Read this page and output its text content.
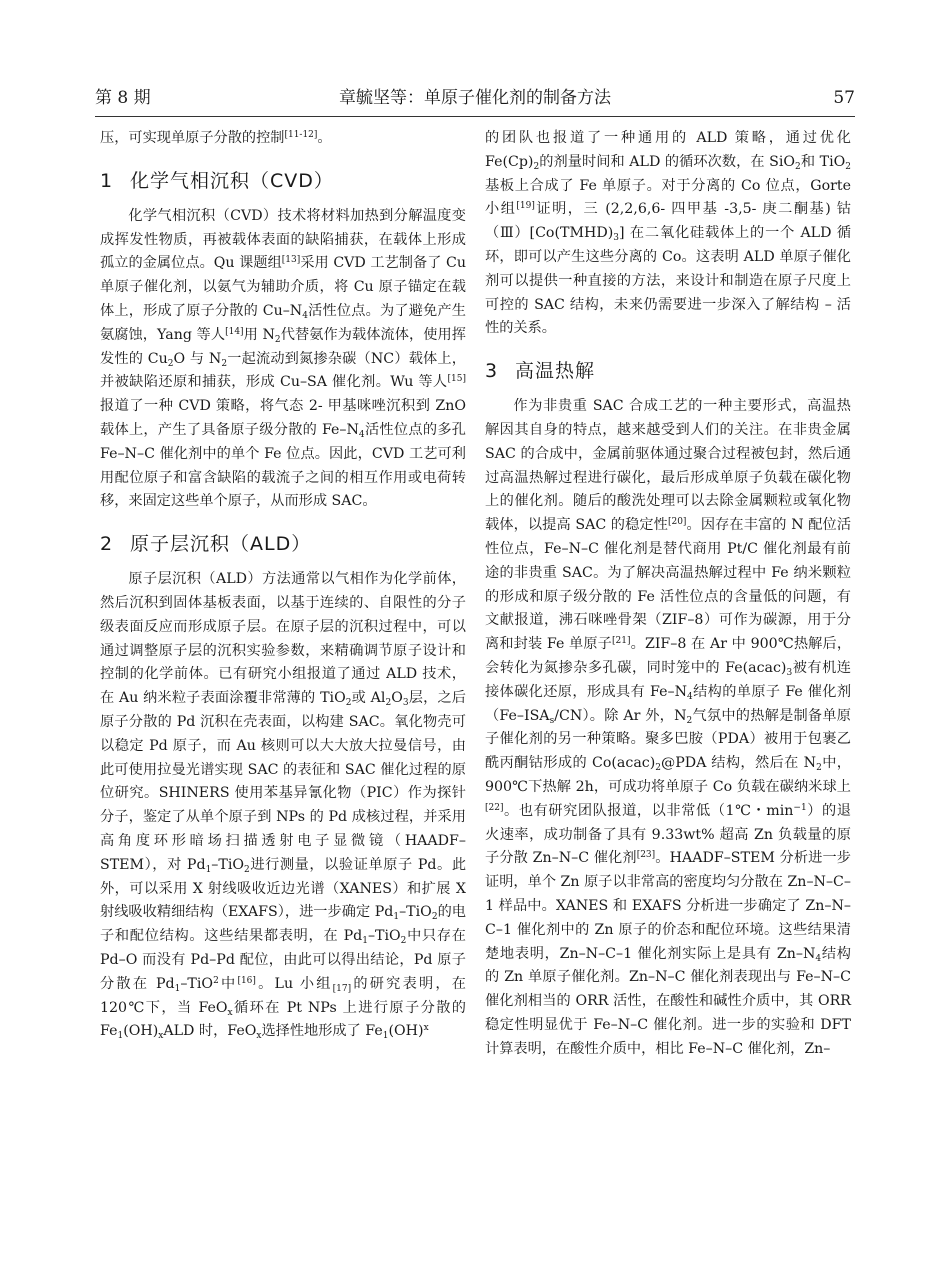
第 8 期	章毓坚等：单原子催化剂的制备方法	57

压，可实现单原子分散的控制[11-12]。

1 化学气相沉积（CVD）

化学气相沉积（CVD）技术将材料加热到分解温度变成挥发性物质，再被载体表面的缺陷捕获，在载体上形成孤立的金属位点。Qu 课题组[13]采用 CVD 工艺制备了 Cu 单原子催化剂，以氨气为辅助介质，将 Cu 原子锚定在载体上，形成了原子分散的 $Cu-N_4$活性位点。为了避免产生氨腐蚀，Yang 等人[14]用 $N_2$代替氨作为载体流体，使用挥发性的 $Cu_2O$ 与 $N_2$一起流动到氮掺杂碳（NC）载体上，并被缺陷还原和捕获，形成 Cu–SA 催化剂。Wu 等人[15]报道了一种 CVD 策略，将气态 2- 甲基咪唑沉积到 ZnO 载体上，产生了具备原子级分散的 $Fe-N_4$活性位点的多孔 Fe–N–C 催化剂中的单个 Fe 位点。因此，CVD 工艺可利用配位原子和富含缺陷的载流子之间的相互作用或电荷转移，来固定这些单个原子，从而形成 SAC。

2 原子层沉积（ALD）

原子层沉积（ALD）方法通常以气相作为化学前体，然后沉积到固体基板表面，以基于连续的、自限性的分子级表面反应而形成原子层。在原子层的沉积过程中，可以通过调整原子层的沉积实验参数，来精确调节原子设计和控制的化学前体。已有研究小组报道了通过 ALD 技术，在 Au 纳米粒子表面涂覆非常薄的 TiO$_2$或 $Al_2O_3$层，之后原子分散的 Pd 沉积在壳表面，以构建 SAC。氧化物壳可以稳定 Pd 原子，而 Au 核则可以大大放大拉曼信号，由此可使用拉曼光谱实现 SAC 的表征和 SAC 催化过程的原位研究。SHINERS 使用苯基异氰化物（PIC）作为探针分子，鉴定了从单个原子到 NPs 的 Pd 成核过程，并采用高角度环形暗场扫描透射电子显微镜（HAADF–STEM），对 $Pd_1-TiO_2$进行测量，以验证单原子 Pd。此外，可以采用 X 射线吸收近边光谱（XANES）和扩展 X 射线吸收精细结构（EXAFS），进一步确定 $Pd_1-TiO_2$的电子和配位结构。这些结果都表明，在 $Pd_1-TiO_2$中只存在 Pd–O 而没有 Pd–Pd 配位，由此可以得出结论，Pd 原子分散在 $Pd_1-TiO^2$中[16]。Lu 小组$_{[17]}$的研究表明，在 120℃下，当 FeO$_x$循环在 Pt NPs 上进行原子分散的 $Fe_1(OH)_xALD$ 时，FeO$_x$选择性地形成了 $Fe_1(OH)^x$

的团队也报道了一种通用的 ALD 策略，通过优化 $Fe(Cp)_2$的剂量时间和 ALD 的循环次数，在 SiO$_2$和 TiO$_2$基板上合成了 Fe 单原子。对于分离的 Co 位点，Gorte 小组[19]证明，三 (2,2,6,6- 四甲基 -3,5- 庚二酮基) 钴$(Ⅲ)[Co(TMHD)_3]$ 在二氧化硅载体上的一个 ALD 循环，即可以产生这些分离的 Co。这表明 ALD 单原子催化剂可以提供一种直接的方法，来设计和制造在原子尺度上可控的 SAC 结构，未来仍需要进一步深入了解结构 – 活性的关系。

3 高温热解

作为非贵重 SAC 合成工艺的一种主要形式，高温热解因其自身的特点，越来越受到人们的关注。在非贵金属 SAC 的合成中，金属前驱体通过聚合过程被包封，然后通过高温热解过程进行碳化，最后形成单原子负载在碳化物上的催化剂。随后的酸洗处理可以去除金属颗粒或氧化物载体，以提高 SAC 的稳定性[20]。因存在丰富的 N 配位活性位点，Fe–N–C 催化剂是替代商用 Pt/C 催化剂最有前途的非贵重 SAC。为了解决高温热解过程中 Fe 纳米颗粒的形成和原子级分散的 Fe 活性位点的含量低的问题，有文献报道，沸石咪唑骨架（ZIF–8）可作为碳源，用于分离和封装 Fe 单原子[21]。ZIF–8 在 Ar 中 900℃热解后，会转化为氮掺杂多孔碳，同时笼中的 $Fe(acac)_3$被有机连接体碳化还原，形成具有 $Fe-N_4$结构的单原子 Fe 催化剂$(Fe-ISA_s/CN)$。除 Ar 外，$N_2$气氛中的热解是制备单原子催化剂的另一种策略。聚多巴胺（PDA）被用于包裹乙酰丙酮钴形成的 $Co(acac)_2@PDA$ 结构，然后在 $N_2$中，900℃下热解 2h，可成功将单原子 Co 负载在碳纳米球上[22]。也有研究团队报道，以非常低（1℃・$\min^{-1}$）的退火速率，成功制备了具有 9.33wt% 超高 Zn 负载量的原子分散 Zn–N–C 催化剂[23]。HAADF–STEM 分析进一步证明，单个 Zn 原子以非常高的密度均匀分散在 Zn–N–C–1 样品中。XANES 和 EXAFS 分析进一步确定了 Zn–N–C–1 催化剂中的 Zn 原子的价态和配位环境。这些结果清楚地表明，Zn–N–C–1 催化剂实际上是具有 $Zn-N_4$结构的 Zn 单原子催化剂。Zn–N–C 催化剂表现出与 Fe–N–C 催化剂相当的 ORR 活性，在酸性和碱性介质中，其 ORR 稳定性明显优于 Fe–N–C 催化剂。进一步的实验和 DFT 计算表明，在酸性介质中，相比 Fe–N–C 催化剂，Zn–
